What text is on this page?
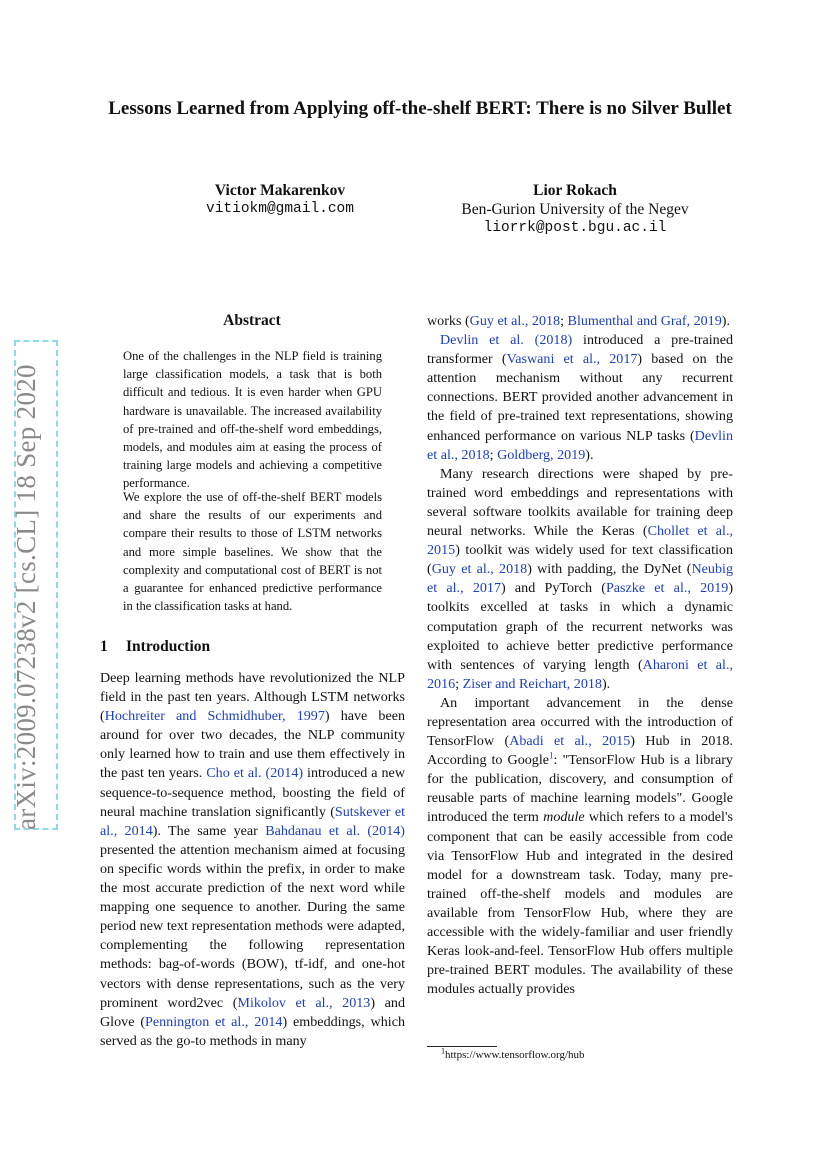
arXiv:2009.07238v2 [cs.CL] 18 Sep 2020
Lessons Learned from Applying off-the-shelf BERT: There is no Silver Bullet
Victor Makarenkov
vitiokm@gmail.com
Lior Rokach
Ben-Gurion University of the Negev
liorrk@post.bgu.ac.il
Abstract
One of the challenges in the NLP field is training large classification models, a task that is both difficult and tedious. It is even harder when GPU hardware is unavailable. The increased availability of pre-trained and off-the-shelf word embeddings, models, and modules aim at easing the process of training large models and achieving a competitive performance.
We explore the use of off-the-shelf BERT models and share the results of our experiments and compare their results to those of LSTM networks and more simple baselines. We show that the complexity and computational cost of BERT is not a guarantee for enhanced predictive performance in the classification tasks at hand.
1 Introduction

Deep learning methods have revolutionized the NLP field in the past ten years. Although LSTM networks (Hochreiter and Schmidhuber, 1997) have been around for over two decades, the NLP community only learned how to train and use them effectively in the past ten years. Cho et al. (2014) introduced a new sequence-to-sequence method, boosting the field of neural machine translation significantly (Sutskever et al., 2014). The same year Bahdanau et al. (2014) presented the attention mechanism aimed at focusing on specific words within the prefix, in order to make the most accurate prediction of the next word while mapping one sequence to another. During the same period new text representation methods were adapted, complementing the following representation methods: bag-of-words (BOW), tf-idf, and one-hot vectors with dense representations, such as the very prominent word2vec (Mikolov et al., 2013) and Glove (Pennington et al., 2014) embeddings, which served as the go-to methods in many

works (Guy et al., 2018; Blumenthal and Graf, 2019).

Devlin et al. (2018) introduced a pre-trained transformer (Vaswani et al., 2017) based on the attention mechanism without any recurrent connections. BERT provided another advancement in the field of pre-trained text representations, showing enhanced performance on various NLP tasks (Devlin et al., 2018; Goldberg, 2019).

Many research directions were shaped by pre-trained word embeddings and representations with several software toolkits available for training deep neural networks. While the Keras (Chollet et al., 2015) toolkit was widely used for text classification (Guy et al., 2018) with padding, the DyNet (Neubig et al., 2017) and PyTorch (Paszke et al., 2019) toolkits excelled at tasks in which a dynamic computation graph of the recurrent networks was exploited to achieve better predictive performance with sentences of varying length (Aharoni et al., 2016; Ziser and Reichart, 2018).

An important advancement in the dense representation area occurred with the introduction of TensorFlow (Abadi et al., 2015) Hub in 2018. According to Google$^1$: "TensorFlow Hub is a library for the publication, discovery, and consumption of reusable parts of machine learning models". Google introduced the term module which refers to a model's component that can be easily accessible from code via TensorFlow Hub and integrated in the desired model for a downstream task. Today, many pre-trained off-the-shelf models and modules are available from TensorFlow Hub, where they are accessible with the widely-familiar and user friendly Keras look-and-feel. TensorFlow Hub offers multiple pre-trained BERT modules. The availability of these modules actually provides

$^1$https://www.tensorflow.org/hub
